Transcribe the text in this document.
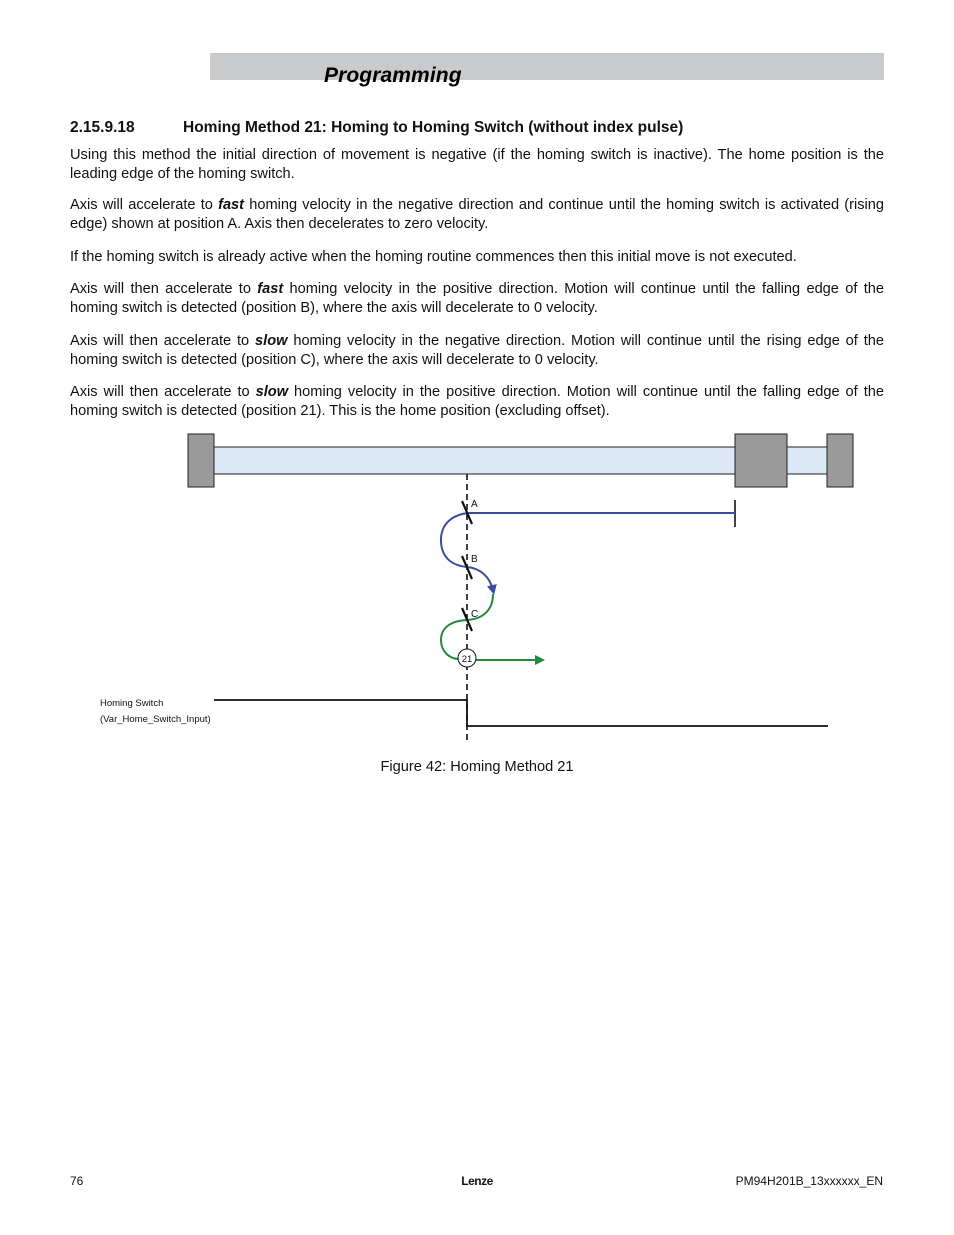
Programming
2.15.9.18	Homing Method 21: Homing to Homing Switch (without index pulse)

Using this method the initial direction of movement is negative (if the homing switch is inactive). The home position is the leading edge of the homing switch.

Axis will accelerate to fast homing velocity in the negative direction and continue until the homing switch is activated (rising edge) shown at position A. Axis then decelerates to zero velocity.

If the homing switch is already active when the homing routine commences then this initial move is not executed.

Axis will then accelerate to fast homing velocity in the positive direction. Motion will continue until the falling edge of the homing switch is detected (position B), where the axis will decelerate to 0 velocity.

Axis will then accelerate to slow homing velocity in the negative direction. Motion will continue until the rising edge of the homing switch is detected (position C), where the axis will decelerate to 0 velocity.

Axis will then accelerate to slow homing velocity in the positive direction. Motion will continue until the falling edge of the homing switch is detected (position 21). This is the home position (excluding offset).

A
B
C
21
Homing Switch
(Var_Home_Switch_Input)
Figure 42: Homing Method 21
76	Lenze	PM94H201B_13xxxxxx_EN
